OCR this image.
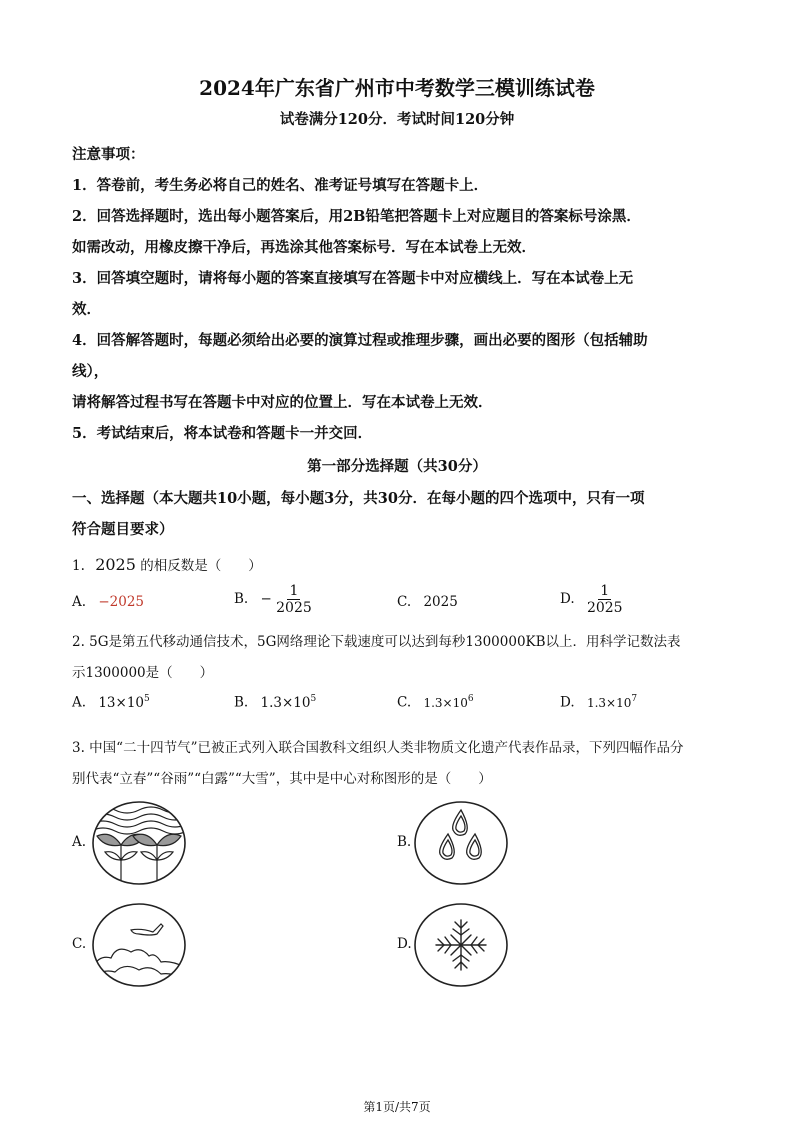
2024年广东省广州市中考数学三模训练试卷
试卷满分120分．考试时间120分钟
注意事项：
1．答卷前，考生务必将自己的姓名、准考证号填写在答题卡上．
2．回答选择题时，选出每小题答案后，用2B铅笔把答题卡上对应题目的答案标号涂黑．
如需改动，用橡皮擦干净后，再选涂其他答案标号．写在本试卷上无效．
3．回答填空题时，请将每小题的答案直接填写在答题卡中对应横线上．写在本试卷上无
效．
4．回答解答题时，每题必须给出必要的演算过程或推理步骤，画出必要的图形（包括辅助
线），
请将解答过程书写在答题卡中对应的位置上．写在本试卷上无效．
5．考试结束后，将本试卷和答题卡一并交回．
第一部分选择题（共30分）
一、选择题（本大题共10小题，每小题3分，共30分．在每小题的四个选项中，只有一项
符合题目要求）
1. 2025 的相反数是（　　）
A. −2025	B. − $\frac{1}{2025}$	C. 2025	D. $\frac{1}{2025}$
2. 5G是第五代移动通信技术，5G网络理论下载速度可以达到每秒1300000KB以上．用科学记数法表
示1300000是（　　）
A. $13\times 10^5$	B. $1.3\times 10^5$	C. $1.3\times 10^6$	D. $1.3\times 10^7$
3. 中国“二十四节气”已被正式列入联合国教科文组织人类非物质文化遗产代表作品录，下列四幅作品分
别代表“立春”“谷雨”“白露”“大雪”，其中是中心对称图形的是（　　）
A.	B.
C.	D.
第1页/共7页
